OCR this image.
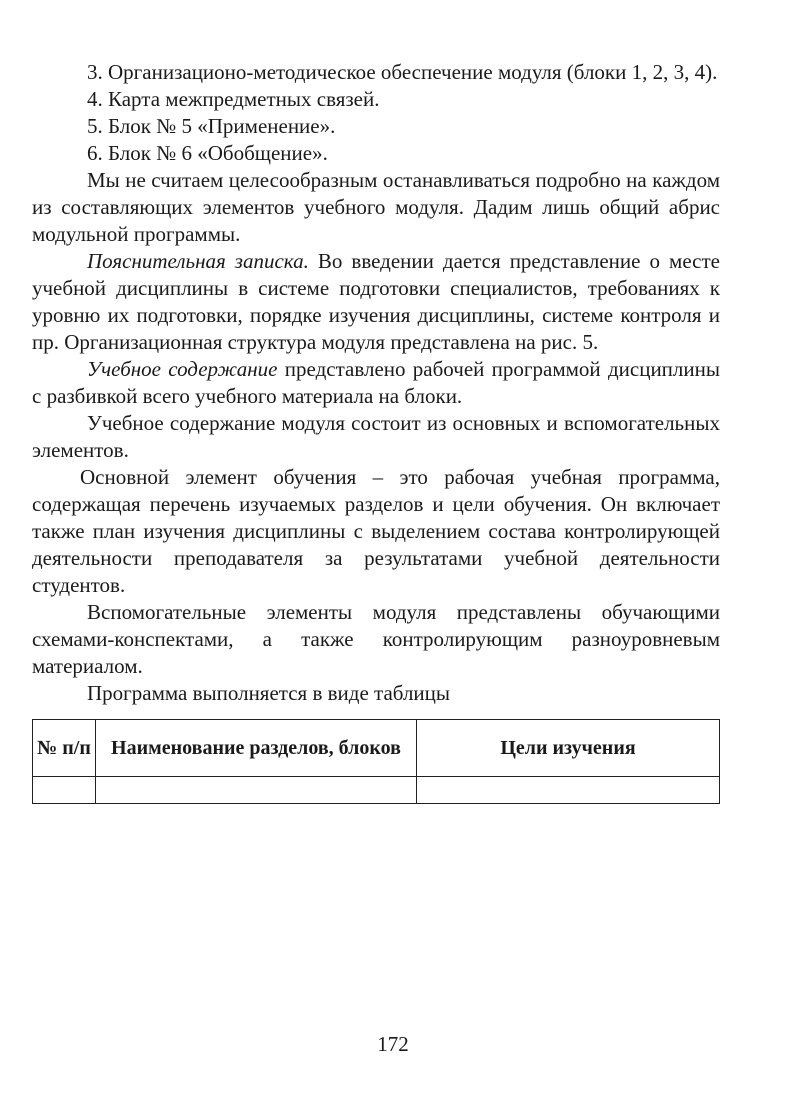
3. Организационо-методическое обеспечение модуля (блоки 1, 2, 3, 4).

4. Карта межпредметных связей.

5. Блок № 5 «Применение».

6. Блок № 6 «Обобщение».

Мы не считаем целесообразным останавливаться подробно на каждом из составляющих элементов учебного модуля. Дадим лишь общий абрис модульной программы.

Пояснительная записка. Во введении дается представление о месте учебной дисциплины в системе подготовки специалистов, требованиях к уровню их подготовки, порядке изучения дисциплины, системе контроля и пр. Организационная структура модуля представлена на рис. 5.

Учебное содержание представлено рабочей программой дисциплины с разбивкой всего учебного материала на блоки.

Учебное содержание модуля состоит из основных и вспомогательных элементов.

Основной элемент обучения – это рабочая учебная программа, содержащая перечень изучаемых разделов и цели обучения. Он включает также план изучения дисциплины с выделением состава контролирующей деятельности преподавателя за результатами учебной деятельности студентов.

Вспомогательные элементы модуля представлены обучающими схемами-конспектами, а также контролирующим разноуровневым материалом.

Программа выполняется в виде таблицы

№ п/п	Наименование разделов, блоков	Цели изучения

172
